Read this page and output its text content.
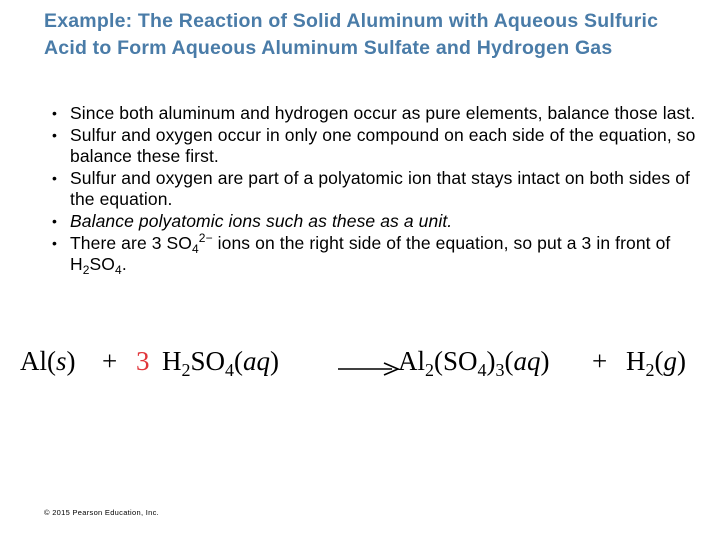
Example: The Reaction of Solid Aluminum with Aqueous Sulfuric Acid to Form Aqueous Aluminum Sulfate and Hydrogen Gas
• Since both aluminum and hydrogen occur as pure elements, balance those last.
• Sulfur and oxygen occur in only one compound on each side of the equation, so balance these first.
• Sulfur and oxygen are part of a polyatomic ion that stays intact on both sides of the equation.
• Balance polyatomic ions such as these as a unit.
• There are 3 $SO_4^{2-}$ ions on the right side of the equation, so put a 3 in front of $H_2SO_4$.
Al(s) + 3 $H_2SO_4(aq)$	$Al_2(SO_4)_3(aq) + H_2(g)$
© 2015 Pearson Education, Inc.
